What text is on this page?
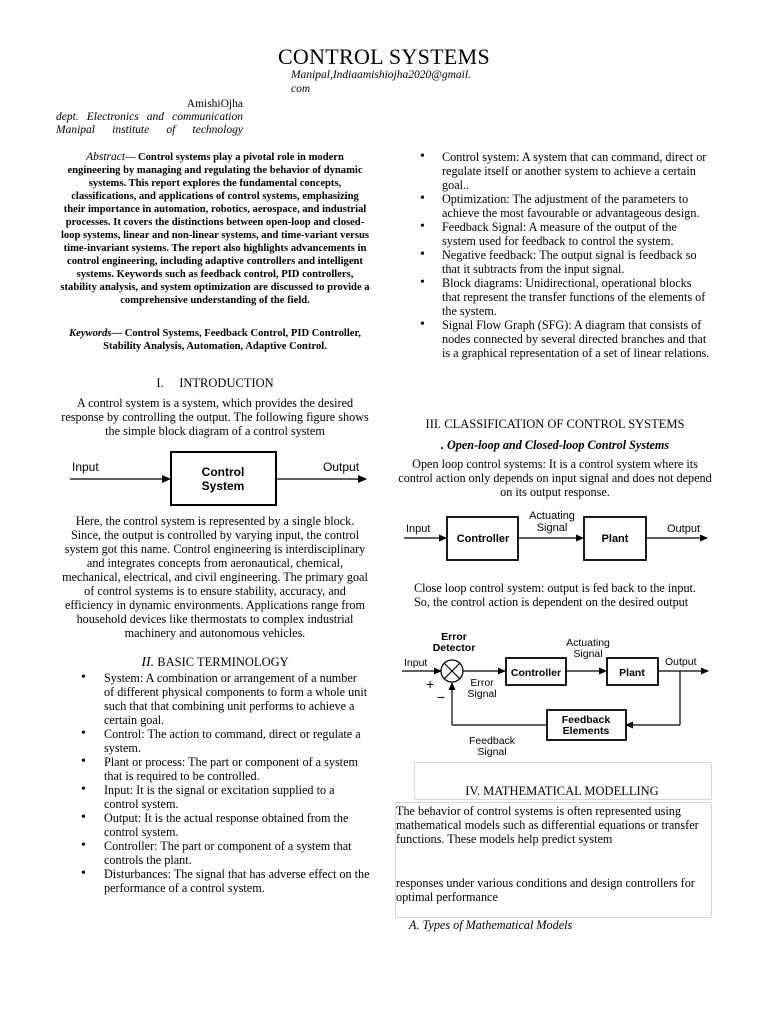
CONTROL SYSTEMS
Manipal,Indiaamishiojha2020@gmail.
com
AmishiOjha
dept. Electronics and communication
Manipal institute of technology
Abstract— Control systems play a pivotal role in modern engineering by managing and regulating the behavior of dynamic systems. This report explores the fundamental concepts, classifications, and applications of control systems, emphasizing their importance in automation, robotics, aerospace, and industrial processes. It covers the distinctions between open-loop and closed-loop systems, linear and non-linear systems, and time-variant versus time-invariant systems. The report also highlights advancements in control engineering, including adaptive controllers and intelligent systems. Keywords such as feedback control, PID controllers, stability analysis, and system optimization are discussed to provide a comprehensive understanding of the field.
Keywords— Control Systems, Feedback Control, PID Controller, Stability Analysis, Automation, Adaptive Control.
I. INTRODUCTION
A control system is a system, which provides the desired response by controlling the output. The following figure shows the simple block diagram of a control system
Input	Control
System
Output
Here, the control system is represented by a single block. Since, the output is controlled by varying input, the control system got this name. Control engineering is interdisciplinary and integrates concepts from aeronautical, chemical, mechanical, electrical, and civil engineering. The primary goal of control systems is to ensure stability, accuracy, and efficiency in dynamic environments. Applications range from household devices like thermostats to complex industrial machinery and autonomous vehicles.
II. BASIC TERMINOLOGY
• System: A combination or arrangement of a number of different physical components to form a whole unit such that that combining unit performs to achieve a certain goal.
• Control: The action to command, direct or regulate a system.
• Plant or process: The part or component of a system that is required to be controlled.
• Input: It is the signal or excitation supplied to a control system.
• Output: It is the actual response obtained from the control system.
• Controller: The part or component of a system that controls the plant.
• Disturbances: The signal that has adverse effect on the performance of a control system.
• Control system: A system that can command, direct or regulate itself or another system to achieve a certain goal..
• Optimization: The adjustment of the parameters to achieve the most favourable or advantageous design.
• Feedback Signal: A measure of the output of the system used for feedback to control the system.
• Negative feedback: The output signal is feedback so that it subtracts from the input signal.
• Block diagrams: Unidirectional, operational blocks that represent the transfer functions of the elements of the system.
• Signal Flow Graph (SFG): A diagram that consists of nodes connected by several directed branches and that is a graphical representation of a set of linear relations.
III. CLASSIFICATION OF CONTROL SYSTEMS
. Open-loop and Closed-loop Control Systems
Open loop control systems: It is a control system where its control action only depends on input signal and does not depend on its output response.
Input
Controller
Actuating
Signal
Plant
Output
Close loop control system: output is fed back to the input. So, the control action is dependent on the desired output
Error
Detector
Input
+
−
Error
Signal
Controller
Actuating
Signal
Plant
Output
Feedback
Elements
Feedback
Signal
IV. MATHEMATICAL MODELLING
The behavior of control systems is often represented using mathematical models such as differential equations or transfer functions. These models help predict system
responses under various conditions and design controllers for optimal performance
A. Types of Mathematical Models
